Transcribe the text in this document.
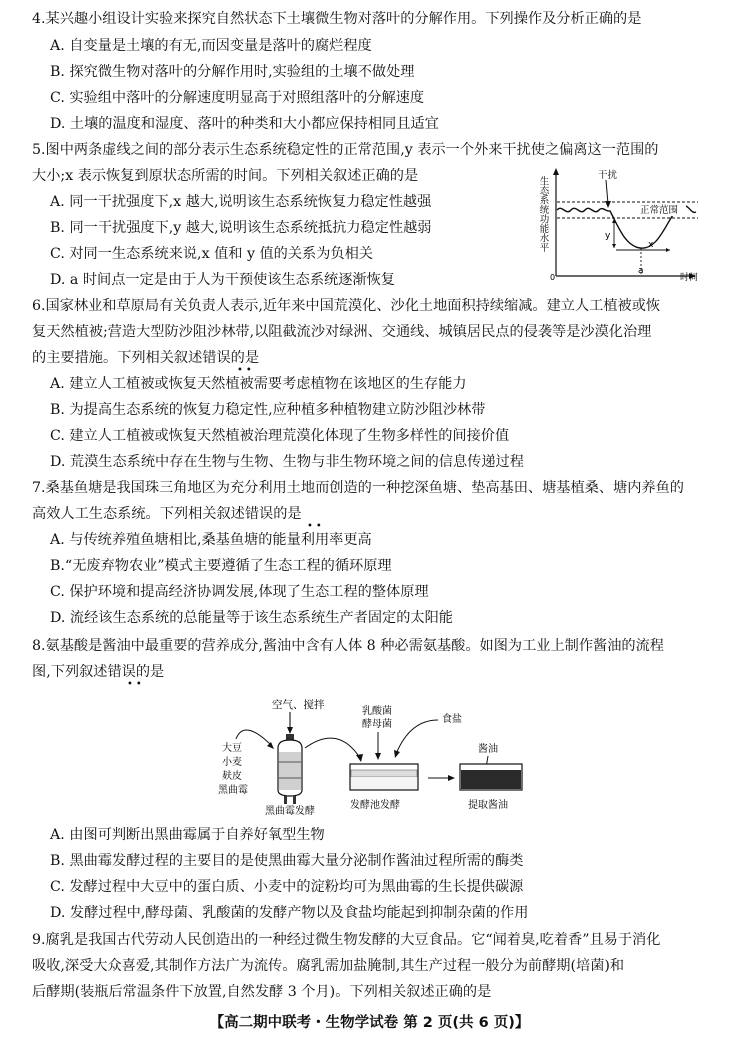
4.某兴趣小组设计实验来探究自然状态下土壤微生物对落叶的分解作用。下列操作及分析正确的是
A. 自变量是土壤的有无,而因变量是落叶的腐烂程度
B. 探究微生物对落叶的分解作用时,实验组的土壤不做处理
C. 实验组中落叶的分解速度明显高于对照组落叶的分解速度
D. 土壤的温度和湿度、落叶的种类和大小都应保持相同且适宜
5.图中两条虚线之间的部分表示生态系统稳定性的正常范围,y 表示一个外来干扰使之偏离这一范围的
大小;x 表示恢复到原状态所需的时间。下列相关叙述正确的是
A. 同一干扰强度下,x 越大,说明该生态系统恢复力稳定性越强
B. 同一干扰强度下,y 越大,说明该生态系统抵抗力稳定性越弱
C. 对同一生态系统来说,x 值和 y 值的关系为负相关
D. a 时间点一定是由于人为干预使该生态系统逐渐恢复
生态系统功能水平
0	时间
干扰
正常范围
y
x
a
6.国家林业和草原局有关负责人表示,近年来中国荒漠化、沙化土地面积持续缩减。建立人工植被或恢
复天然植被;营造大型防沙阻沙林带,以阻截流沙对绿洲、交通线、城镇居民点的侵袭等是沙漠化治理
的主要措施。下列相关叙述错误的是
••
A. 建立人工植被或恢复天然植被需要考虑植物在该地区的生存能力
B. 为提高生态系统的恢复力稳定性,应种植多种植物建立防沙阻沙林带
C. 建立人工植被或恢复天然植被治理荒漠化体现了生物多样性的间接价值
D. 荒漠生态系统中存在生物与生物、生物与非生物环境之间的信息传递过程
7.桑基鱼塘是我国珠三角地区为充分利用土地而创造的一种挖深鱼塘、垫高基田、塘基植桑、塘内养鱼的
高效人工生态系统。下列相关叙述错误的是
••
A. 与传统养殖鱼塘相比,桑基鱼塘的能量利用率更高
B.“无废弃物农业”模式主要遵循了生态工程的循环原理
C. 保护环境和提高经济协调发展,体现了生态工程的整体原理
D. 流经该生态系统的总能量等于该生态系统生产者固定的太阳能
8.氨基酸是酱油中最重要的营养成分,酱油中含有人体 8 种必需氨基酸。如图为工业上制作酱油的流程
图,下列叙述错误的是
••
空气、搅拌
大豆
小麦
麸皮
黑曲霉
黑曲霉发酵
乳酸菌
酵母菌	食盐
发酵池发酵
酱油
提取酱油
A. 由图可判断出黑曲霉属于自养好氧型生物
B. 黑曲霉发酵过程的主要目的是使黑曲霉大量分泌制作酱油过程所需的酶类
C. 发酵过程中大豆中的蛋白质、小麦中的淀粉均可为黑曲霉的生长提供碳源
D. 发酵过程中,酵母菌、乳酸菌的发酵产物以及食盐均能起到抑制杂菌的作用
9.腐乳是我国古代劳动人民创造出的一种经过微生物发酵的大豆食品。它“闻着臭,吃着香”且易于消化
吸收,深受大众喜爱,其制作方法广为流传。腐乳需加盐腌制,其生产过程一般分为前酵期(培菌)和
后酵期(装瓶后常温条件下放置,自然发酵 3 个月)。下列相关叙述正确的是
【高二期中联考・生物学试卷 第 2 页(共 6 页)】
